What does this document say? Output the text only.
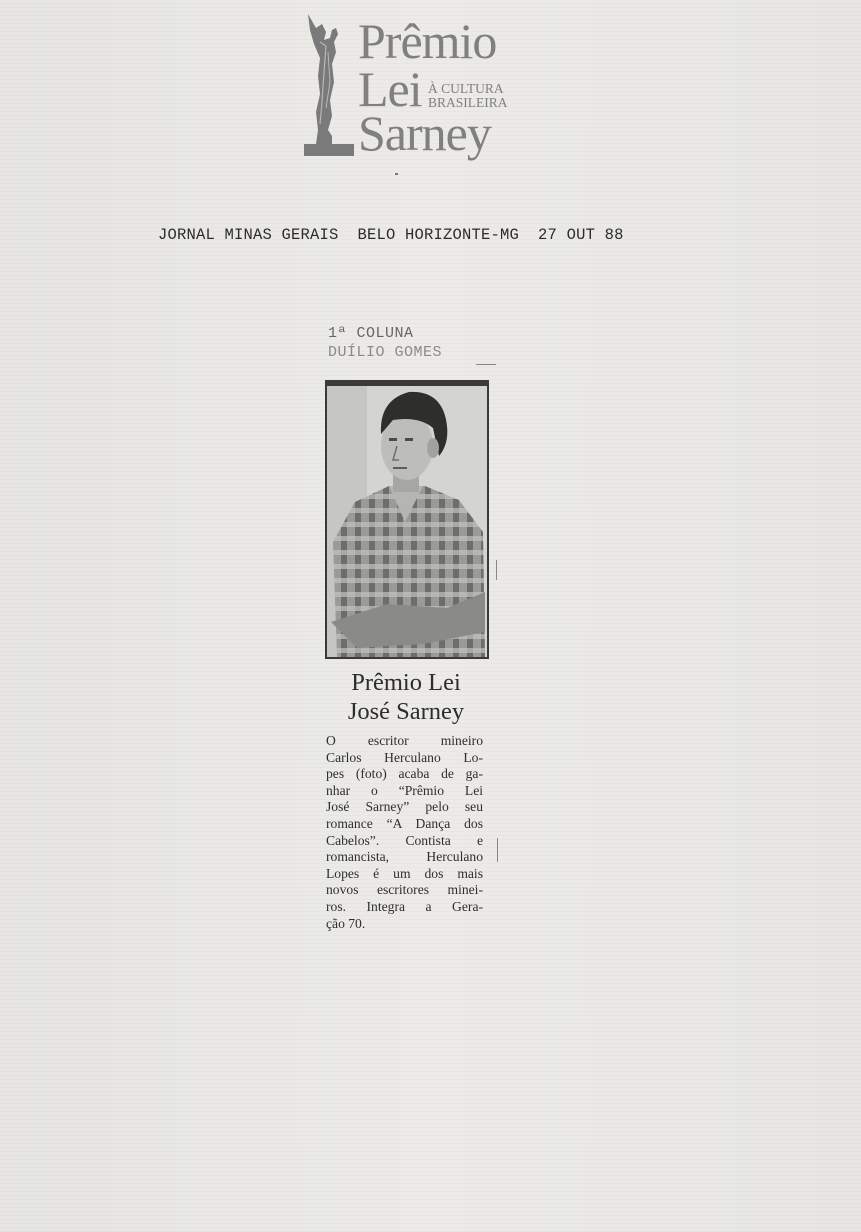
Prêmio
Lei
Sarney
À CULTURA
BRASILEIRA
JORNAL MINAS GERAIS  BELO HORIZONTE-MG  27 OUT 88
1ª COLUNA
DUÍLIO GOMES
Prêmio Lei
José Sarney
O escritor mineiro
Carlos Herculano Lo-
pes (foto) acaba de ga-
nhar o “Prêmio Lei
José Sarney” pelo seu
romance “A Dança dos
Cabelos”. Contista e
romancista, Herculano
Lopes é um dos mais
novos escritores minei-
ros. Integra a Gera-
ção 70.
